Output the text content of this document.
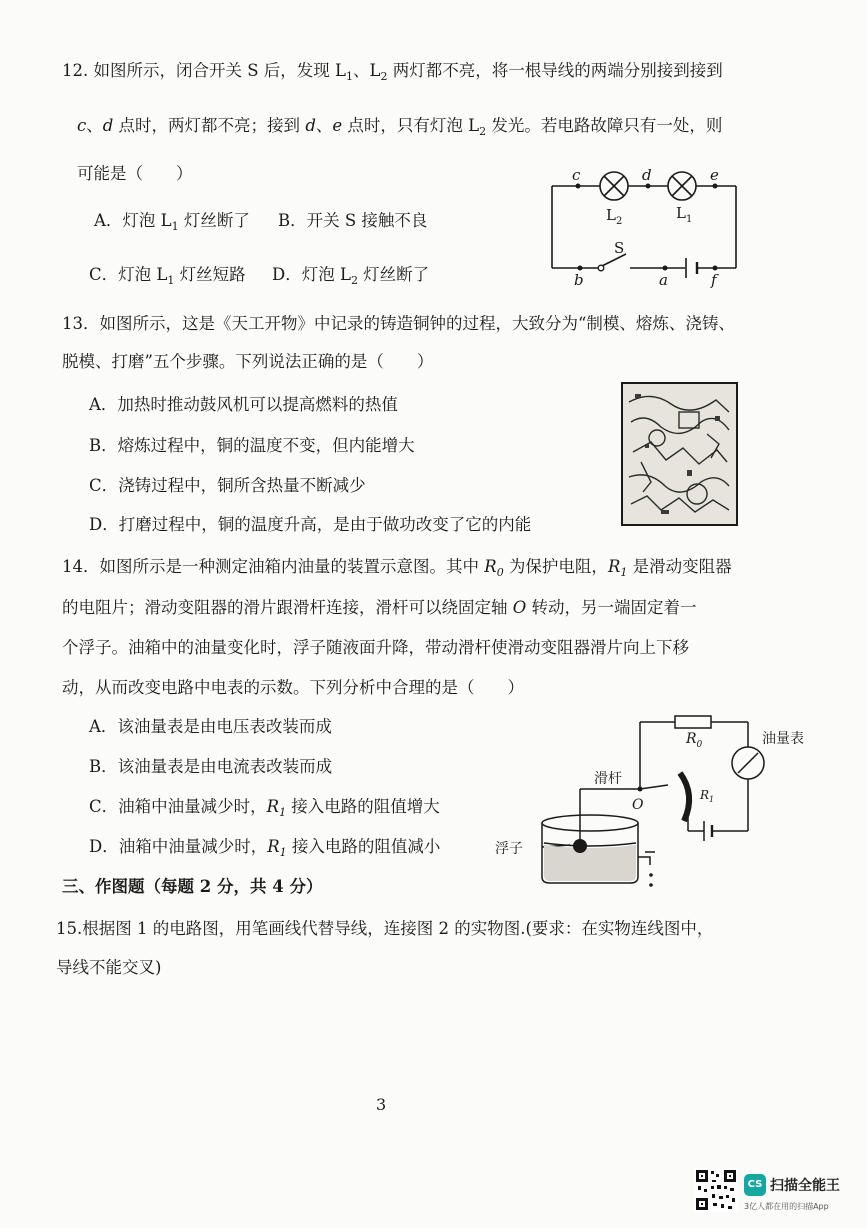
12. 如图所示，闭合开关 S 后，发现 $L_1$、$L_2$ 两灯都不亮，将一根导线的两端分别接到接到
c、d 点时，两灯都不亮；接到 d、e 点时，只有灯泡 $L_2$ 发光。若电路故障只有一处，则
可能是（　　）
A．灯泡 $L_1$ 灯丝断了 B．开关 S 接触不良
C．灯泡 $L_1$ 灯丝短路 D．灯泡 $L_2$ 灯丝断了
c	d	e
b	a	f
$L_2$	$L_1$
S
13．如图所示，这是《天工开物》中记录的铸造铜钟的过程，大致分为“制模、熔炼、浇铸、
脱模、打磨”五个步骤。下列说法正确的是（　　）
A．加热时推动鼓风机可以提高燃料的热值
B．熔炼过程中，铜的温度不变，但内能增大
C．浇铸过程中，铜所含热量不断减少
D．打磨过程中，铜的温度升高，是由于做功改变了它的内能
14．如图所示是一种测定油箱内油量的装置示意图。其中 $R_0$ 为保护电阻，$R_1$ 是滑动变阻器
的电阻片；滑动变阻器的滑片跟滑杆连接，滑杆可以绕固定轴 O 转动，另一端固定着一
个浮子。油箱中的油量变化时，浮子随液面升降，带动滑杆使滑动变阻器滑片向上下移
动，从而改变电路中电表的示数。下列分析中合理的是（　　）
A．该油量表是由电压表改装而成
B．该油量表是由电流表改装而成
C．油箱中油量减少时，$R_1$ 接入电路的阻值增大
D．油箱中油量减少时，$R_1$ 接入电路的阻值减小
$R_0$	油量表
滑杆
O
$R_1$
浮子
三、作图题（每题 2 分，共 4 分）
15.根据图 1 的电路图，用笔画线代替导线，连接图 2 的实物图.(要求：在实物连线图中，
导线不能交叉)
3
CS 扫描全能王
3亿人都在用的扫描App
